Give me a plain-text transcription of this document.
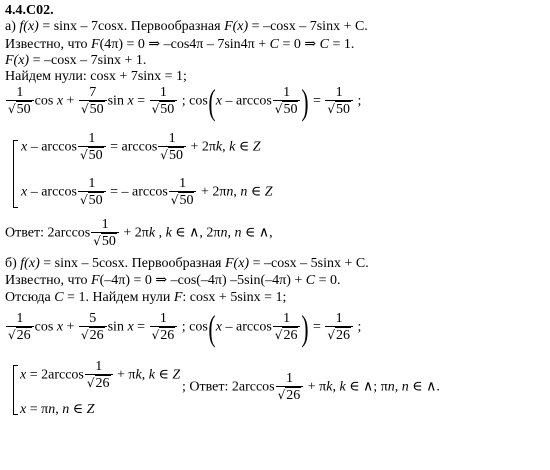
4.4.C02.
а) f(x) = sinx – 7cosx. Первообразная F(x) = –cosx – 7sinx + C.
Известно, что F(4π) = 0 ⇒ –cos4π – 7sin4π + C = 0 ⇒ C = 1.
F(x) = –cosx – 7sinx + 1.
Найдем нули: cosx + 7sinx = 1;
$\frac{1}{√50}$ $\cos x + \frac{7}{√50}$ $\sin x = \frac{1}{√50}$ ; $\cos(x - \arccos \frac{1}{√50}$ ) = $\frac{1}{√50}$ ;
$x - \arccos \frac{1}{√50} = \arccos \frac{1}{√50} + 2\pi k$, k ∈ Z
x – $\arccos \frac{1}{√50}$ = – $\arccos \frac{1}{√50} + 2\pi n$, n ∈ Z
Ответ: $2\arccos \frac{1}{√50} + 2\pi k$ , k ∈ ∧, 2πn, n ∈ ∧,
б) f(x) = sinx – 5cosx. Первообразная F(x) = –cosx – 5sinx + C.
Известно, что F(–4π) = 0 ⇒ –cos(–4π) –5sin(–4π) + C = 0.
Отсюда C = 1. Найдем нули F: cosx + 5sinx = 1;
$\frac{1}{√26}$ $\cos x + \frac{5}{√26}$ $\sin x = \frac{1}{√26}$ ; $\cos(x - \arccos \frac{1}{√26}$ ) = $\frac{1}{√26}$ ;
$x = 2\arccos \frac{1}{√26} + \pi k$, k ∈ Z
; Ответ: $2\arccos \frac{1}{√26} + \pi k$, k ∈ ∧; πn, n ∈ ∧.
x = πn, n ∈ Z
